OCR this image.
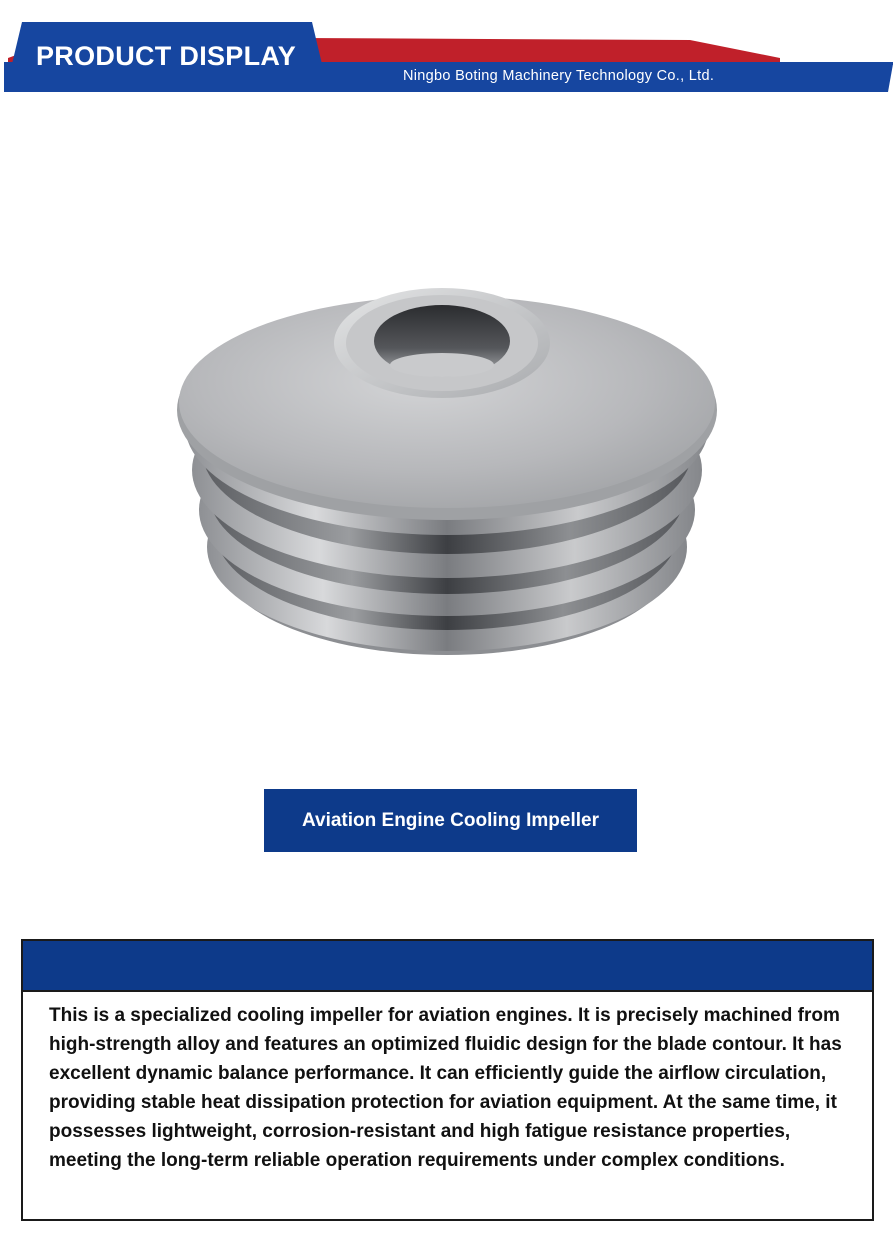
PRODUCT DISPLAY
Ningbo Boting Machinery Technology Co., Ltd.
Aviation Engine Cooling Impeller
This is a specialized cooling impeller for aviation engines. It is precisely machined from high-strength alloy and features an optimized fluidic design for the blade contour. It has excellent dynamic balance performance. It can efficiently guide the airflow circulation, providing stable heat dissipation protection for aviation equipment. At the same time, it possesses lightweight, corrosion-resistant and high fatigue resistance properties, meeting the long-term reliable operation requirements under complex conditions.
